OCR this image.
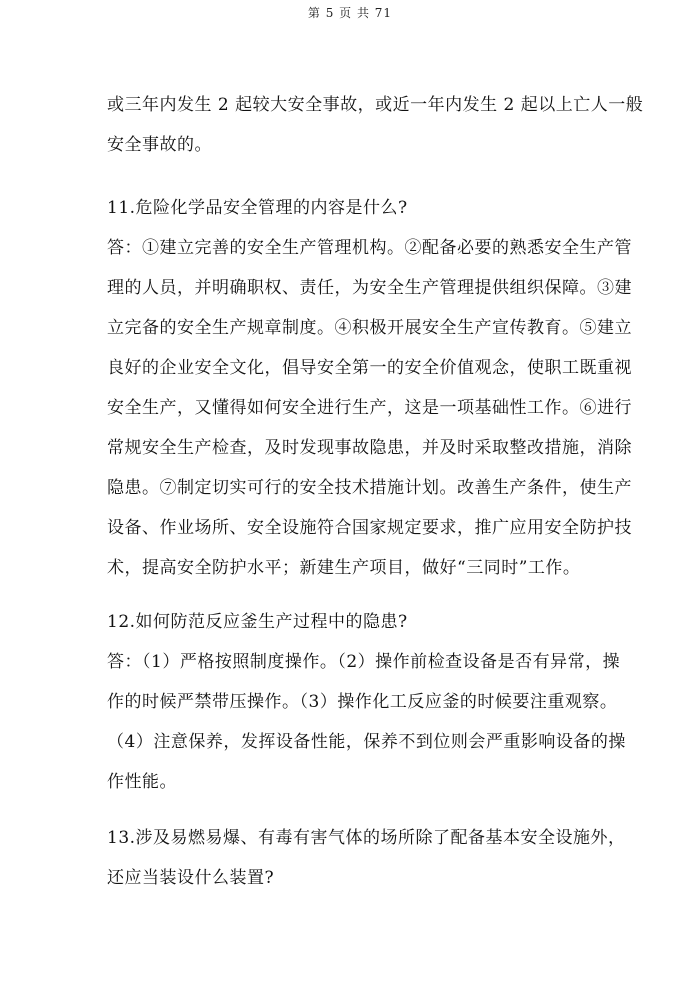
第 5 页 共 71
或三年内发生 2 起较大安全事故，或近一年内发生 2 起以上亡人一般
安全事故的。
11.危险化学品安全管理的内容是什么?
答：①建立完善的安全生产管理机构。②配备必要的熟悉安全生产管
理的人员，并明确职权、责任，为安全生产管理提供组织保障。③建
立完备的安全生产规章制度。④积极开展安全生产宣传教育。⑤建立
良好的企业安全文化，倡导安全第一的安全价值观念，使职工既重视
安全生产，又懂得如何安全进行生产，这是一项基础性工作。⑥进行
常规安全生产检查，及时发现事故隐患，并及时采取整改措施，消除
隐患。⑦制定切实可行的安全技术措施计划。改善生产条件，使生产
设备、作业场所、安全设施符合国家规定要求，推广应用安全防护技
术，提高安全防护水平；新建生产项目，做好“三同时”工作。
12.如何防范反应釜生产过程中的隐患?
答：（1）严格按照制度操作。（2）操作前检查设备是否有异常，操
作的时候严禁带压操作。（3）操作化工反应釜的时候要注重观察。
（4）注意保养，发挥设备性能，保养不到位则会严重影响设备的操
作性能。
13.涉及易燃易爆、有毒有害气体的场所除了配备基本安全设施外，
还应当装设什么装置?
